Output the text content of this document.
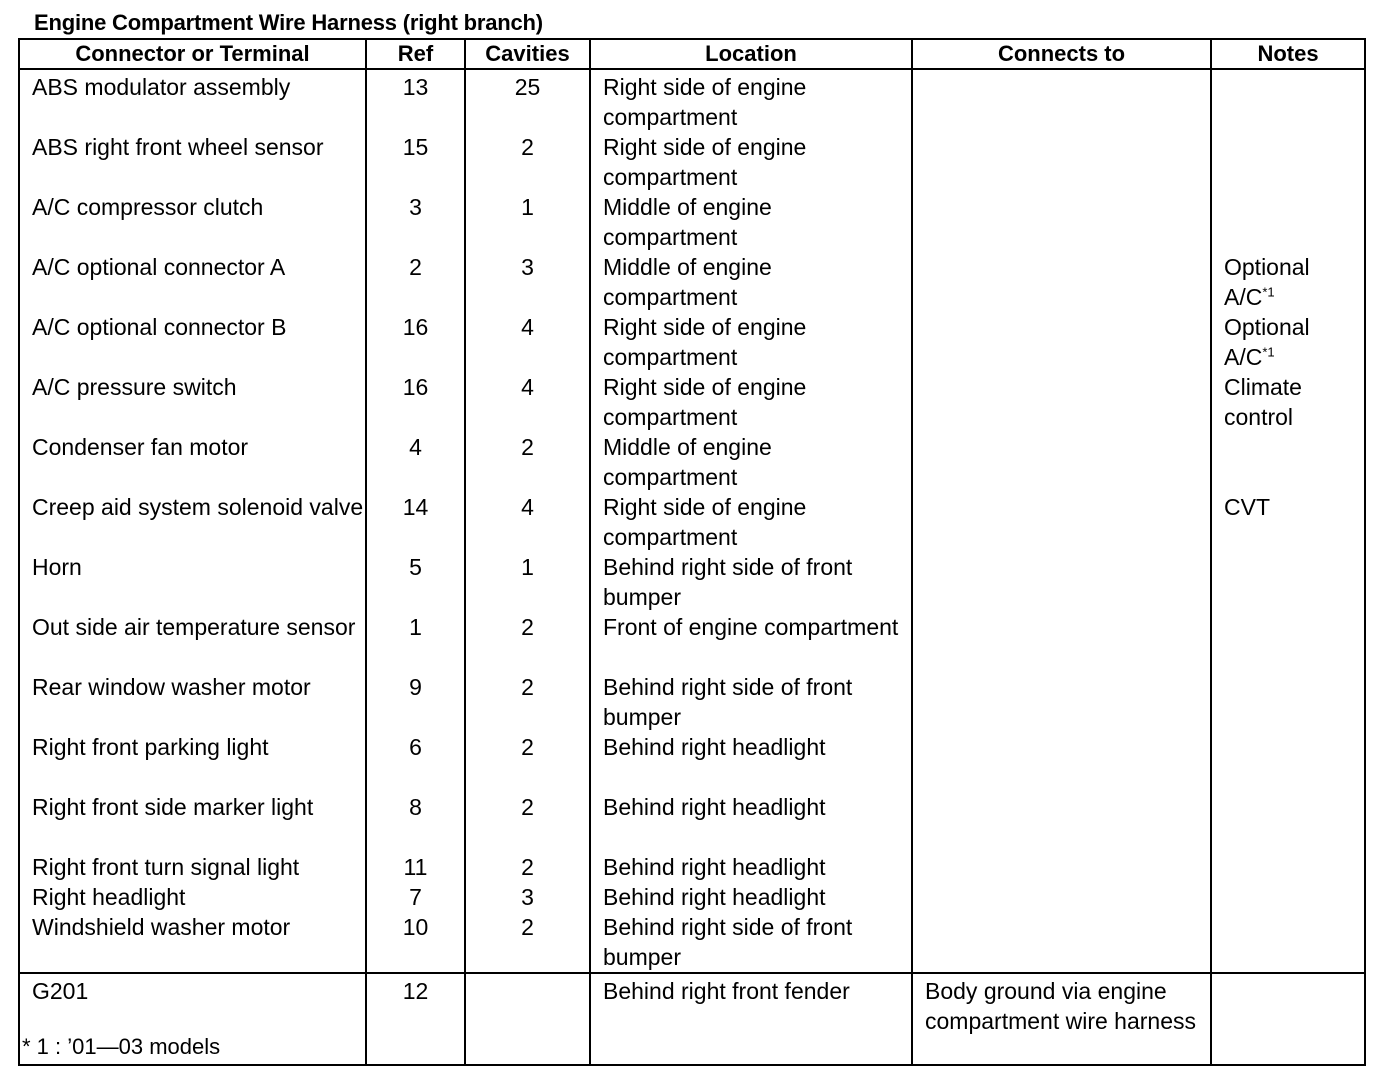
Engine Compartment Wire Harness (right branch)
Connector or Terminal	Ref	Cavities	Location	Connects to	Notes
ABS modulator assembly	13	25	Right side of engine compartment		
ABS right front wheel sensor	15	2	Right side of engine compartment		
A/C compressor clutch	3	1	Middle of engine compartment		
A/C optional connector A	2	3	Middle of engine compartment		Optional $A/C^{*1}$
A/C optional connector B	16	4	Right side of engine compartment		Optional $A/C^{*1}$
A/C pressure switch	16	4	Right side of engine compartment		Climate control
Condenser fan motor	4	2	Middle of engine compartment		
Creep aid system solenoid valve	14	4	Right side of engine compartment		CVT
Horn	5	1	Behind right side of front bumper		
Out side air temperature sensor	1	2	Front of engine compartment		
Rear window washer motor	9	2	Behind right side of front bumper		
Right front parking light	6	2	Behind right headlight		
Right front side marker light	8	2	Behind right headlight		
Right front turn signal light	11	2	Behind right headlight		
Right headlight	7	3	Behind right headlight		
Windshield washer motor	10	2	Behind right side of front bumper		
G201	12		Behind right front fender	Body ground via engine compartment wire harness	
* 1 : ’01—03 models
